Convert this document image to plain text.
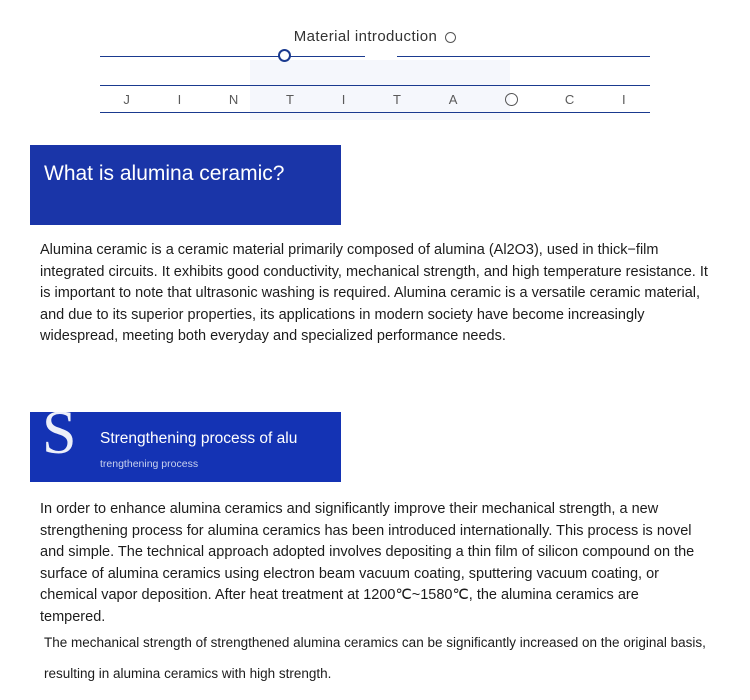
Material introduction
J	I	N	T	I	T	A	C	I
What is alumina ceramic?
Alumina ceramic is a ceramic material primarily composed of alumina (Al2O3), used in thick−film integrated circuits. It exhibits good conductivity, mechanical strength, and high temperature resistance. It is important to note that ultrasonic washing is required. Alumina ceramic is a versatile ceramic material, and due to its superior properties, its applications in modern society have become increasingly widespread, meeting both everyday and specialized performance needs.
S Strengthening process of alu
trengthening process
In order to enhance alumina ceramics and significantly improve their mechanical strength, a new strengthening process for alumina ceramics has been introduced internationally. This process is novel and simple. The technical approach adopted involves depositing a thin film of silicon compound on the surface of alumina ceramics using electron beam vacuum coating, sputtering vacuum coating, or chemical vapor deposition. After heat treatment at 1200℃~1580℃, the alumina ceramics are tempered.
The mechanical strength of strengthened alumina ceramics can be significantly increased on the original basis, resulting in alumina ceramics with high strength.
